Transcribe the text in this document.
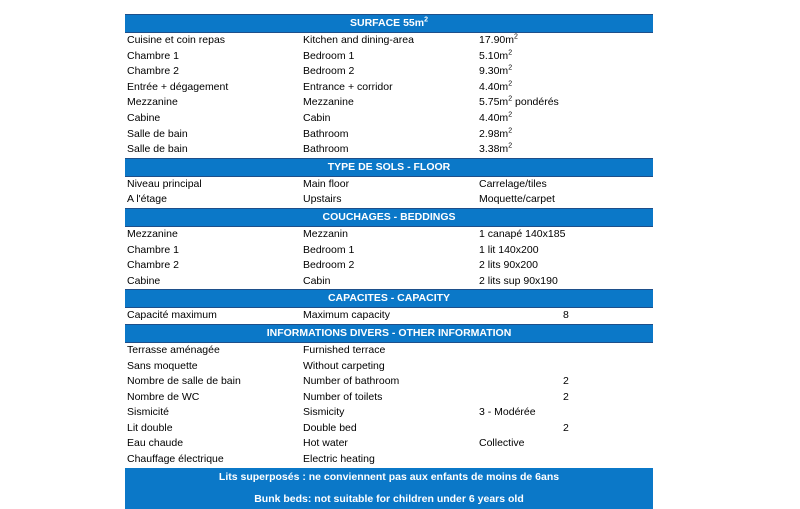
SURFACE $55m^2$
Cuisine et coin repas	Kitchen and dining-area	$17.90m^2$
Chambre 1	Bedroom 1	$5.10m^2$
Chambre 2	Bedroom 2	$9.30m^2$
Entrée + dégagement	Entrance + corridor	$4.40m^2$
Mezzanine	Mezzanine	$5.75m^2$ pondérés
Cabine	Cabin	$4.40m^2$
Salle de bain	Bathroom	$2.98m^2$
Salle de bain	Bathroom	$3.38m^2$
TYPE DE SOLS - FLOOR
Niveau principal	Main floor	Carrelage/tiles
A l'étage	Upstairs	Moquette/carpet
COUCHAGES - BEDDINGS
Mezzanine	Mezzanin	1 canapé 140x185
Chambre 1	Bedroom 1	1 lit 140x200
Chambre 2	Bedroom 2	2 lits 90x200
Cabine	Cabin	2 lits sup 90x190
CAPACITES - CAPACITY
Capacité maximum	Maximum capacity	8
INFORMATIONS DIVERS - OTHER INFORMATION
Terrasse aménagée	Furnished terrace
Sans moquette	Without carpeting
Nombre de salle de bain	Number of bathroom	2
Nombre de WC	Number of toilets	2
Sismicité	Sismicity	3 - Modérée
Lit double	Double bed	2
Eau chaude	Hot water	Collective
Chauffage électrique	Electric heating
Lits superposés : ne conviennent pas aux enfants de moins de 6ans
Bunk beds: not suitable for children under 6 years old
